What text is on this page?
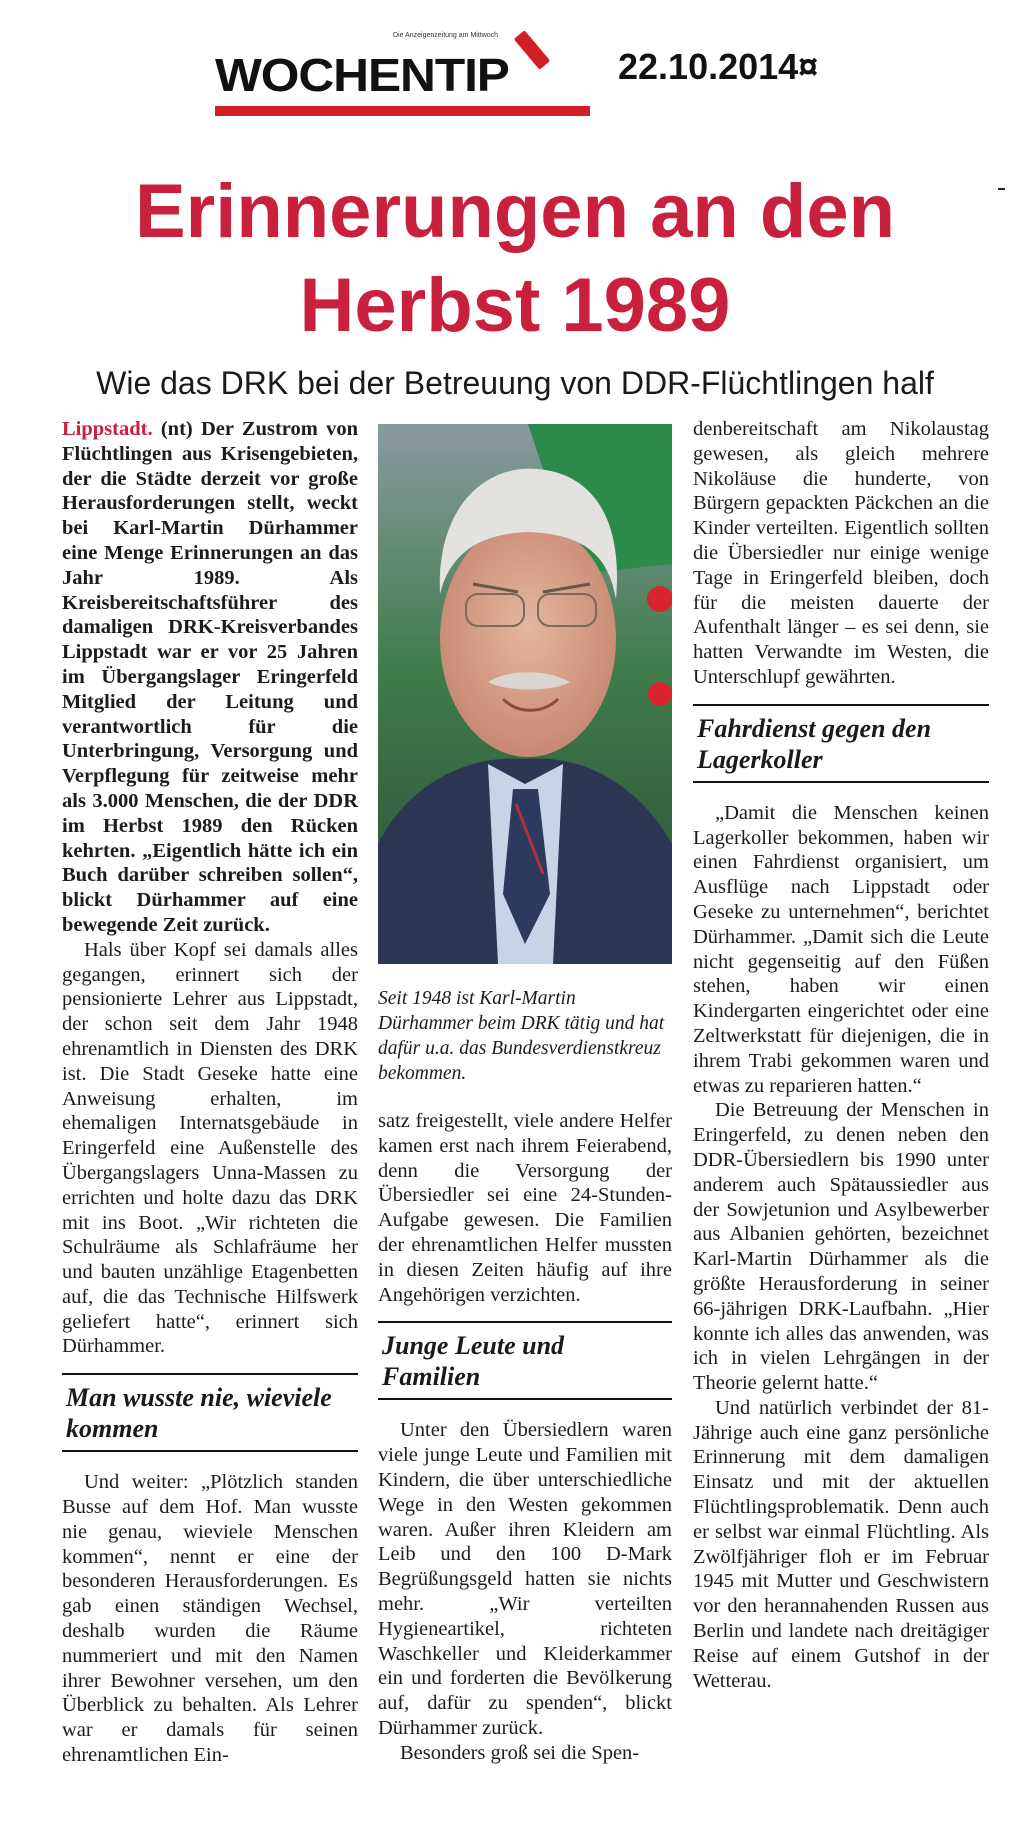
Die Anzeigenzeitung am Mittwoch
WOCHENTIP	22.10.2014¤
Erinnerungen an den
Herbst 1989
Wie das DRK bei der Betreuung von DDR-Flüchtlingen half

Lippstadt. (nt) Der Zustrom von Flüchtlingen aus Krisengebieten, der die Städte derzeit vor große Herausforderungen stellt, weckt bei Karl-Martin Dürhammer eine Menge Erinnerungen an das Jahr 1989. Als Kreisbereitschaftsführer des damaligen DRK-Kreisverbandes Lippstadt war er vor 25 Jahren im Übergangslager Eringerfeld Mitglied der Leitung und verantwortlich für die Unterbringung, Versorgung und Verpflegung für zeitweise mehr als 3.000 Menschen, die der DDR im Herbst 1989 den Rücken kehrten. „Eigentlich hätte ich ein Buch darüber schreiben sollen“, blickt Dürhammer auf eine bewegende Zeit zurück.

Hals über Kopf sei damals alles gegangen, erinnert sich der pensionierte Lehrer aus Lippstadt, der schon seit dem Jahr 1948 ehrenamtlich in Diensten des DRK ist. Die Stadt Geseke hatte eine Anweisung erhalten, im ehemaligen Internatsgebäude in Eringerfeld eine Außenstelle des Übergangslagers Unna-Massen zu errichten und holte dazu das DRK mit ins Boot. „Wir richteten die Schulräume als Schlafräume her und bauten unzählige Etagenbetten auf, die das Technische Hilfswerk geliefert hatte“, erinnert sich Dürhammer.

Man wusste nie, wieviele kommen

Und weiter: „Plötzlich standen Busse auf dem Hof. Man wusste nie genau, wieviele Menschen kommen“, nennt er eine der besonderen Herausforderungen. Es gab einen ständigen Wechsel, deshalb wurden die Räume nummeriert und mit den Namen ihrer Bewohner versehen, um den Überblick zu behalten. Als Lehrer war er damals für seinen ehrenamtlichen Ein-

Seit 1948 ist Karl-Martin Dürhammer beim DRK tätig und hat dafür u.a. das Bundesverdienstkreuz bekommen.

satz freigestellt, viele andere Helfer kamen erst nach ihrem Feierabend, denn die Versorgung der Übersiedler sei eine 24-Stunden-Aufgabe gewesen. Die Familien der ehrenamtlichen Helfer mussten in diesen Zeiten häufig auf ihre Angehörigen verzichten.

Junge Leute und Familien

Unter den Übersiedlern waren viele junge Leute und Familien mit Kindern, die über unterschiedliche Wege in den Westen gekommen waren. Außer ihren Kleidern am Leib und den 100 D-Mark Begrüßungsgeld hatten sie nichts mehr. „Wir verteilten Hygieneartikel, richteten Waschkeller und Kleiderkammer ein und forderten die Bevölkerung auf, dafür zu spenden“, blickt Dürhammer zurück.

Besonders groß sei die Spen-

denbereitschaft am Nikolaustag gewesen, als gleich mehrere Nikoläuse die hunderte, von Bürgern gepackten Päckchen an die Kinder verteilten. Eigentlich sollten die Übersiedler nur einige wenige Tage in Eringerfeld bleiben, doch für die meisten dauerte der Aufenthalt länger – es sei denn, sie hatten Verwandte im Westen, die Unterschlupf gewährten.

Fahrdienst gegen den Lagerkoller

„Damit die Menschen keinen Lagerkoller bekommen, haben wir einen Fahrdienst organisiert, um Ausflüge nach Lippstadt oder Geseke zu unternehmen“, berichtet Dürhammer. „Damit sich die Leute nicht gegenseitig auf den Füßen stehen, haben wir einen Kindergarten eingerichtet oder eine Zeltwerkstatt für diejenigen, die in ihrem Trabi gekommen waren und etwas zu reparieren hatten.“

Die Betreuung der Menschen in Eringerfeld, zu denen neben den DDR-Übersiedlern bis 1990 unter anderem auch Spätaussiedler aus der Sowjetunion und Asylbewerber aus Albanien gehörten, bezeichnet Karl-Martin Dürhammer als die größte Herausforderung in seiner 66-jährigen DRK-Laufbahn. „Hier konnte ich alles das anwenden, was ich in vielen Lehrgängen in der Theorie gelernt hatte.“

Und natürlich verbindet der 81-Jährige auch eine ganz persönliche Erinnerung mit dem damaligen Einsatz und mit der aktuellen Flüchtlingsproblematik. Denn auch er selbst war einmal Flüchtling. Als Zwölfjähriger floh er im Februar 1945 mit Mutter und Geschwistern vor den herannahenden Russen aus Berlin und landete nach dreitägiger Reise auf einem Gutshof in der Wetterau.
